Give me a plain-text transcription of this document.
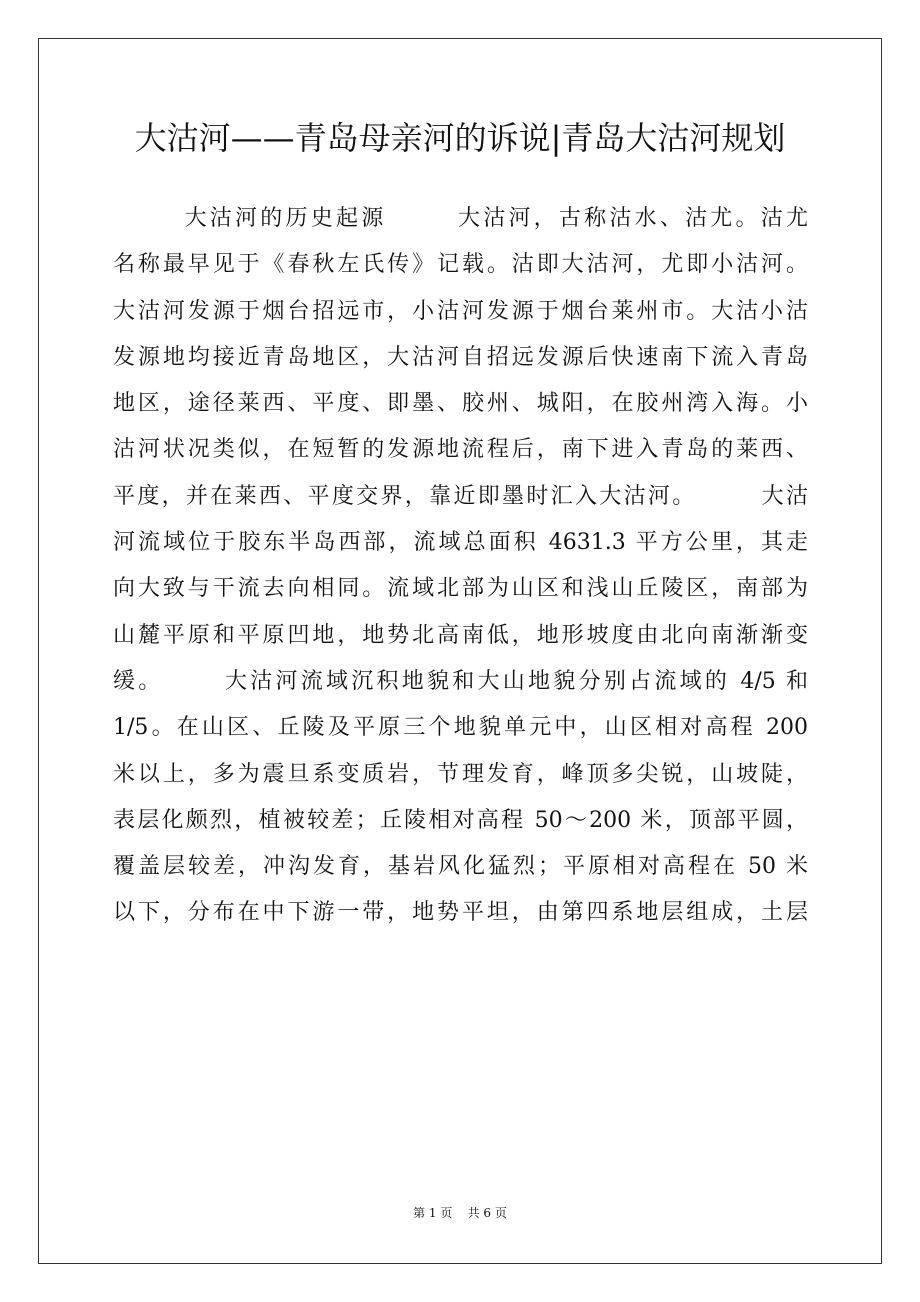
大沽河——青岛母亲河的诉说|青岛大沽河规划
大沽河的历史起源       大沽河，古称沽水、沽尤。沽尤
名称最早见于《春秋左氏传》记载。沽即大沽河，尤即小沽河。
大沽河发源于烟台招远市，小沽河发源于烟台莱州市。大沽小沽
发源地均接近青岛地区，大沽河自招远发源后快速南下流入青岛
地区，途径莱西、平度、即墨、胶州、城阳，在胶州湾入海。小
沽河状况类似，在短暂的发源地流程后，南下进入青岛的莱西、
平度，并在莱西、平度交界，靠近即墨时汇入大沽河。       大沽
河流域位于胶东半岛西部，流域总面积 4631.3 平方公里，其走
向大致与干流去向相同。流域北部为山区和浅山丘陵区，南部为
山麓平原和平原凹地，地势北高南低，地形坡度由北向南渐渐变
缓。      大沽河流域沉积地貌和大山地貌分别占流域的 4/5 和
1/5。在山区、丘陵及平原三个地貌单元中，山区相对高程 200
米以上，多为震旦系变质岩，节理发育，峰顶多尖锐，山坡陡，
表层化颇烈，植被较差；丘陵相对高程 50～200 米，顶部平圆，
覆盖层较差，冲沟发育，基岩风化猛烈；平原相对高程在 50 米
以下，分布在中下游一带，地势平坦，由第四系地层组成，土层
第 1 页    共 6 页
